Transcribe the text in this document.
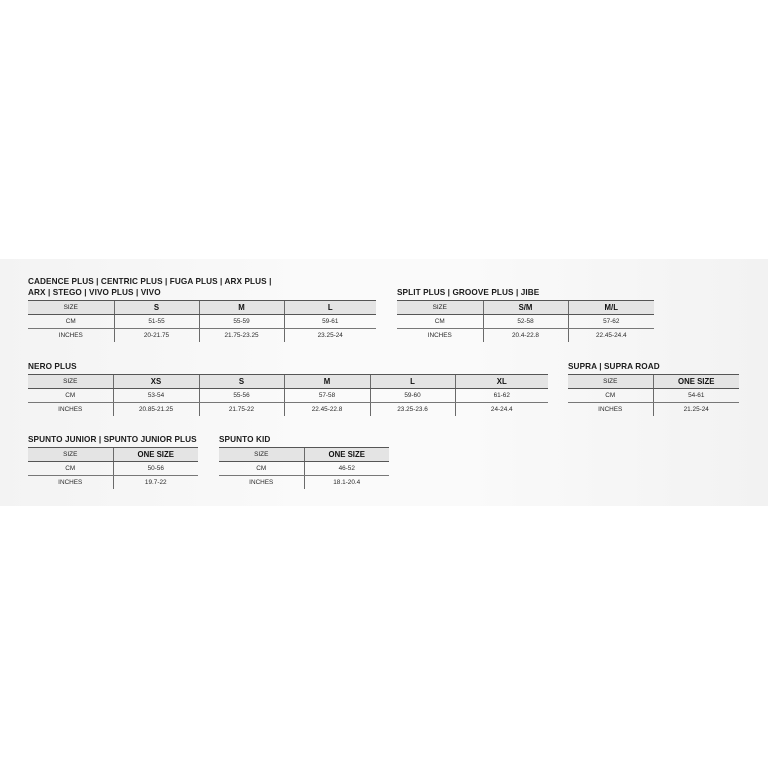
CADENCE PLUS | CENTRIC PLUS | FUGA PLUS | ARX PLUS |
ARX | STEGO | VIVO PLUS | VIVO
SIZE	S	M	L
CM	51-55	55-59	59-61
INCHES	20-21.75	21.75-23.25	23.25-24
SPLIT PLUS | GROOVE PLUS | JIBE
SIZE	S/M	M/L
CM	52-58	57-62
INCHES	20.4-22.8	22.45-24.4
NERO PLUS
SIZE	XS	S	M	L	XL
CM	53-54	55-56	57-58	59-60	61-62
INCHES	20.85-21.25	21.75-22	22.45-22.8	23.25-23.6	24-24.4
SUPRA | SUPRA ROAD
SIZE	ONE SIZE
CM	54-61
INCHES	21.25-24
SPUNTO JUNIOR | SPUNTO JUNIOR PLUS
SIZE	ONE SIZE
CM	50-56
INCHES	19.7-22
SPUNTO KID
SIZE	ONE SIZE
CM	46-52
INCHES	18.1-20.4
